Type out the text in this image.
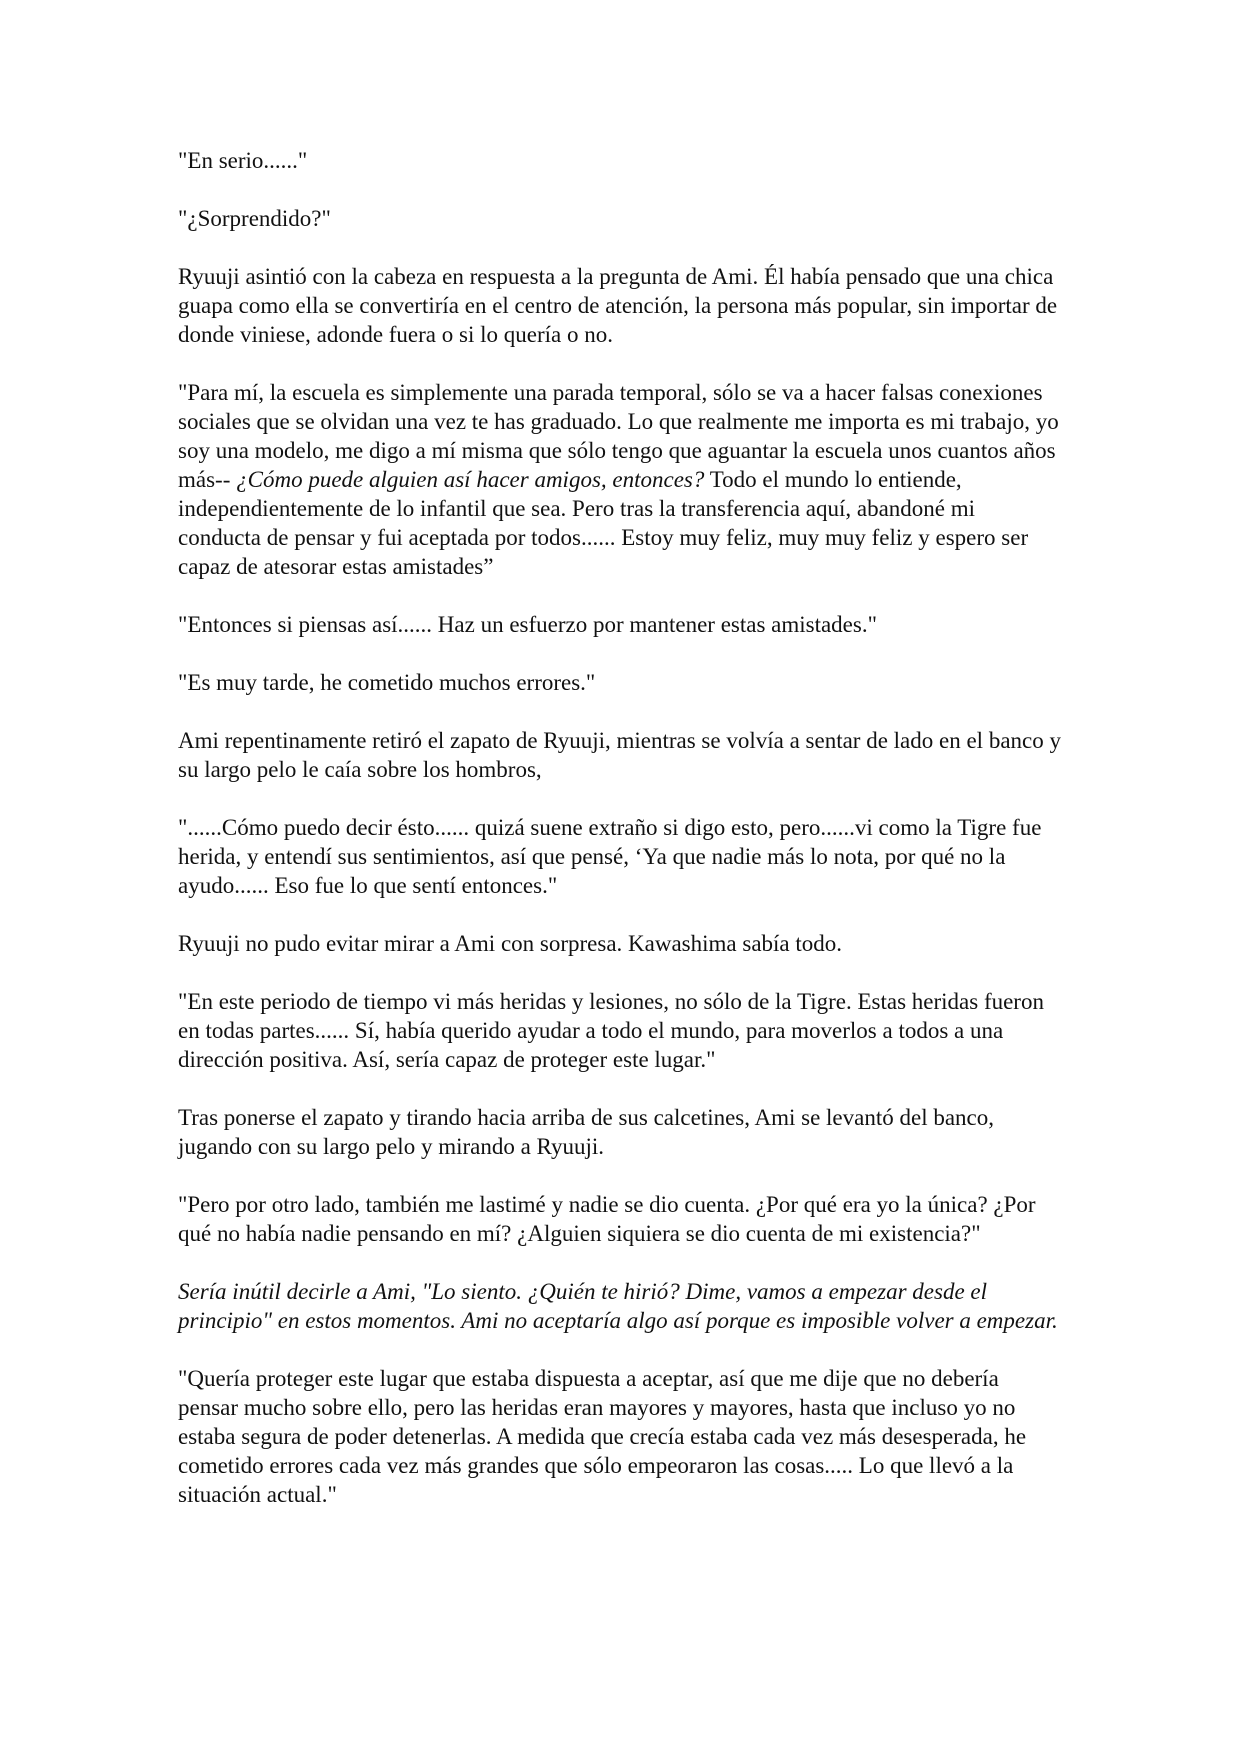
"En serio......"

"¿Sorprendido?"

Ryuuji asintió con la cabeza en respuesta a la pregunta de Ami. Él había pensado que una chica guapa como ella se convertiría en el centro de atención, la persona más popular, sin importar de donde viniese, adonde fuera o si lo quería o no.

"Para mí, la escuela es simplemente una parada temporal, sólo se va a hacer falsas conexiones sociales que se olvidan una vez te has graduado. Lo que realmente me importa es mi trabajo, yo soy una modelo, me digo a mí misma que sólo tengo que aguantar la escuela unos cuantos años más-- ¿Cómo puede alguien así hacer amigos, entonces? Todo el mundo lo entiende, independientemente de lo infantil que sea. Pero tras la transferencia aquí, abandoné mi conducta de pensar y fui aceptada por todos...... Estoy muy feliz, muy muy feliz y espero ser capaz de atesorar estas amistades”

"Entonces si piensas así...... Haz un esfuerzo por mantener estas amistades."

"Es muy tarde, he cometido muchos errores."

Ami repentinamente retiró el zapato de Ryuuji, mientras se volvía a sentar de lado en el banco y su largo pelo le caía sobre los hombros,

"......Cómo puedo decir ésto...... quizá suene extraño si digo esto, pero......vi como la Tigre fue herida, y entendí sus sentimientos, así que pensé, ‘Ya que nadie más lo nota, por qué no la ayudo...... Eso fue lo que sentí entonces."

Ryuuji no pudo evitar mirar a Ami con sorpresa. Kawashima sabía todo.

"En este periodo de tiempo vi más heridas y lesiones, no sólo de la Tigre. Estas heridas fueron en todas partes...... Sí, había querido ayudar a todo el mundo, para moverlos a todos a una dirección positiva. Así, sería capaz de proteger este lugar."

Tras ponerse el zapato y tirando hacia arriba de sus calcetines, Ami se levantó del banco, jugando con su largo pelo y mirando a Ryuuji.

"Pero por otro lado, también me lastimé y nadie se dio cuenta. ¿Por qué era yo la única? ¿Por qué no había nadie pensando en mí? ¿Alguien siquiera se dio cuenta de mi existencia?"

Sería inútil decirle a Ami, "Lo siento. ¿Quién te hirió? Dime, vamos a empezar desde el principio" en estos momentos. Ami no aceptaría algo así porque es imposible volver a empezar.

"Quería proteger este lugar que estaba dispuesta a aceptar, así que me dije que no debería pensar mucho sobre ello, pero las heridas eran mayores y mayores, hasta que incluso yo no estaba segura de poder detenerlas. A medida que crecía estaba cada vez más desesperada, he cometido errores cada vez más grandes que sólo empeoraron las cosas..... Lo que llevó a la situación actual."
